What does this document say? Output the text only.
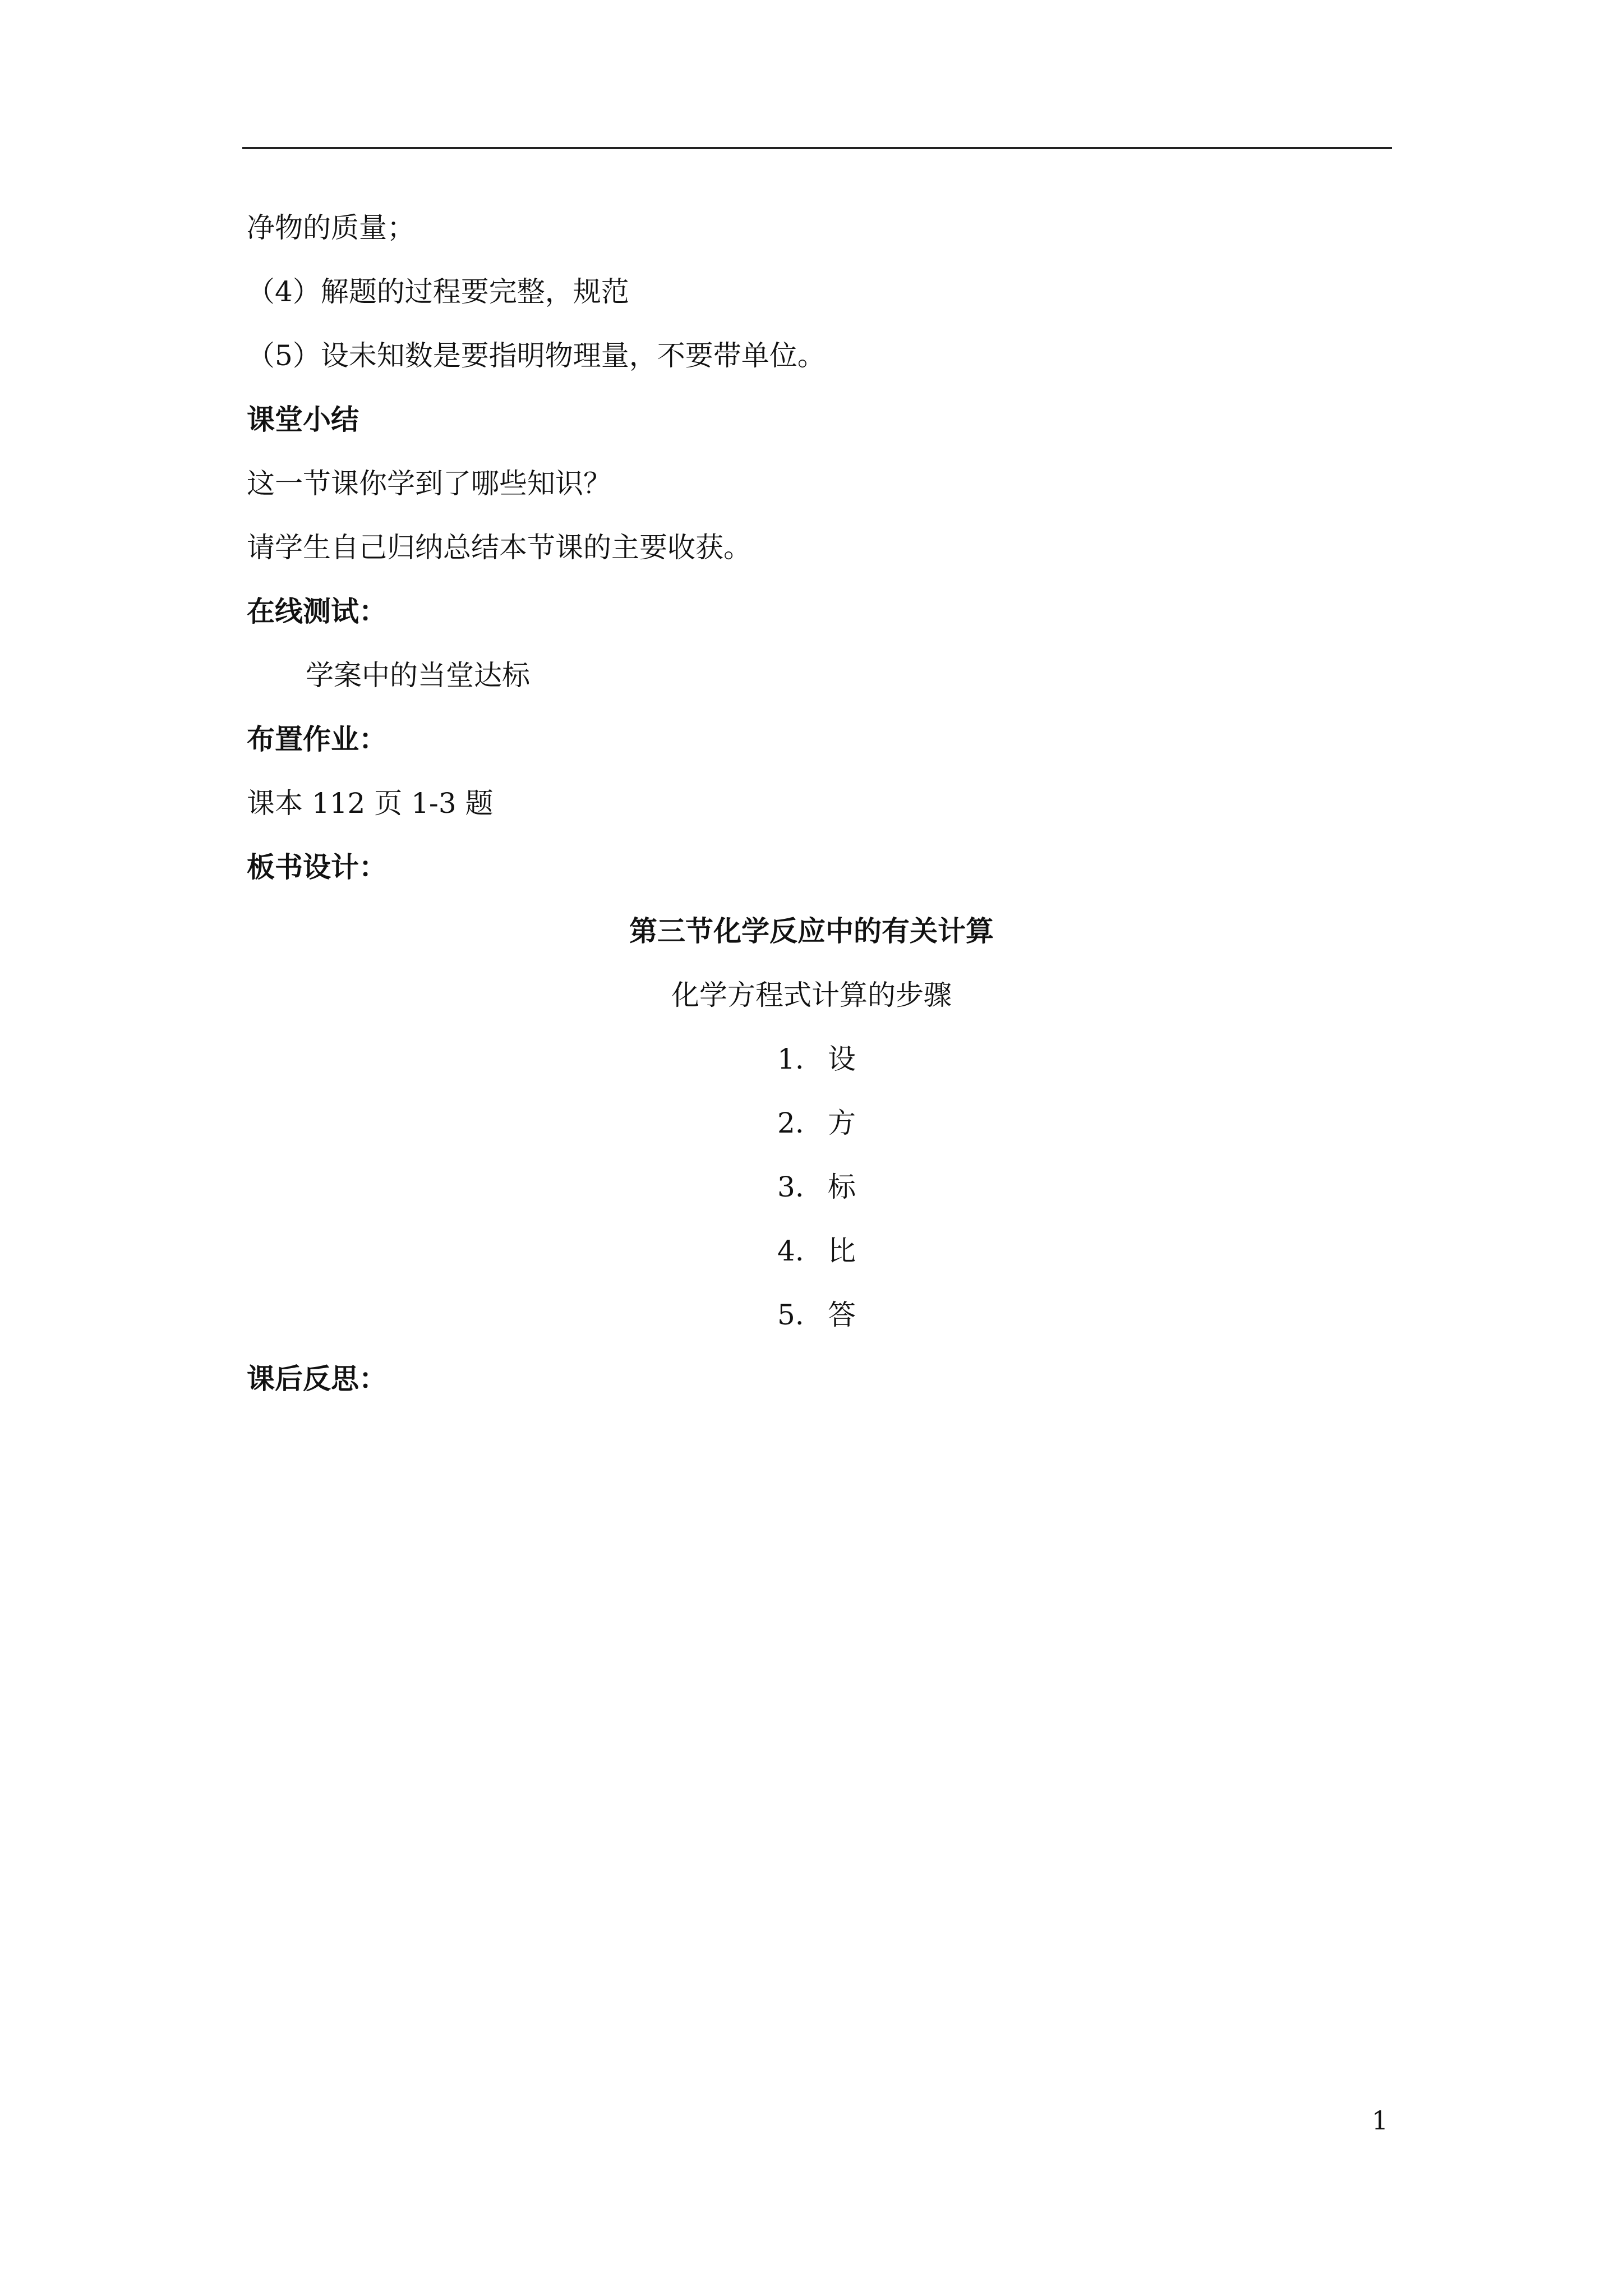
净物的质量；
（4）解题的过程要完整，规范
（5）设未知数是要指明物理量，不要带单位。
课堂小结
这一节课你学到了哪些知识？
请学生自己归纳总结本节课的主要收获。
在线测试：
学案中的当堂达标
布置作业：
课本 112 页 1-3 题
板书设计：
第三节化学反应中的有关计算
化学方程式计算的步骤
1. 设
2. 方
3. 标
4. 比
5. 答
课后反思：
1
